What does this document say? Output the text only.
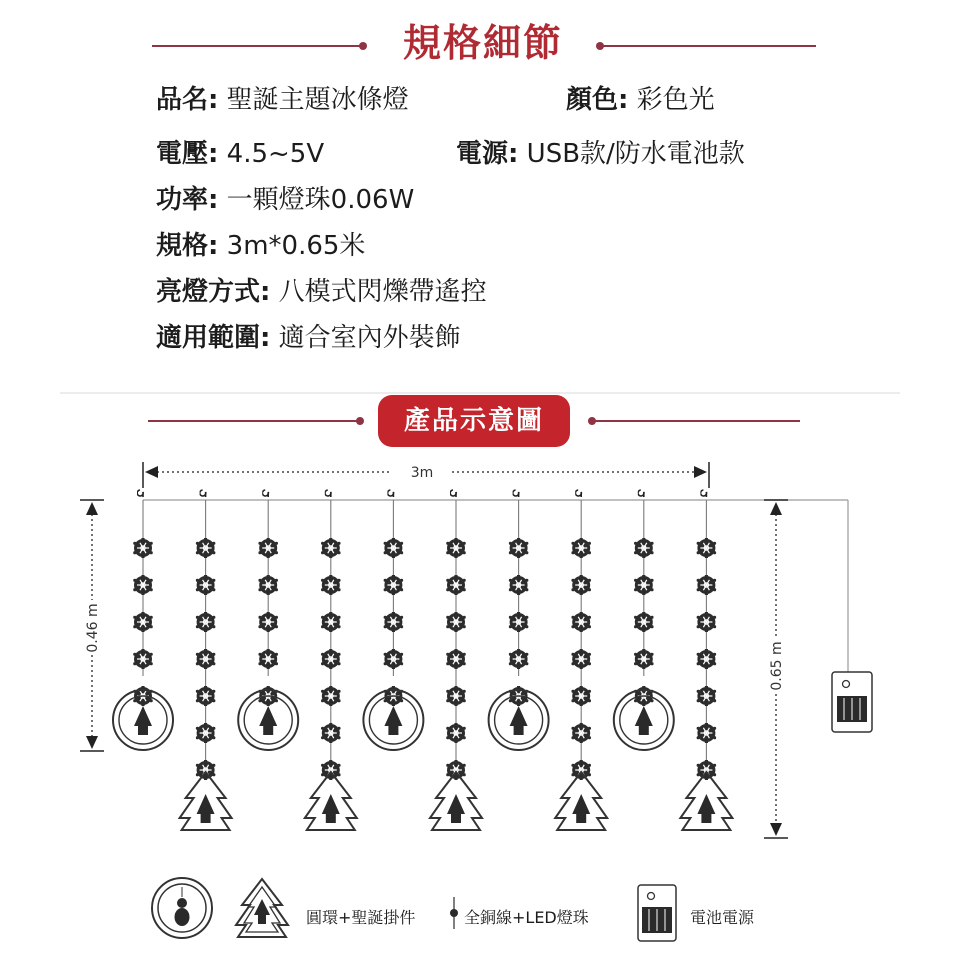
規格細節
品名: 聖誕主題冰條燈	顏色: 彩色光
電壓: 4.5~5V	電源: USB款/防水電池款
功率: 一顆燈珠0.06W
規格: 3m*0.65米
亮燈方式: 八模式閃爍帶遙控
適用範圍: 適合室內外裝飾
產品示意圖
3m
0.46 m
0.65 m
圓環+聖誕掛件	全銅線+LED燈珠	電池電源
